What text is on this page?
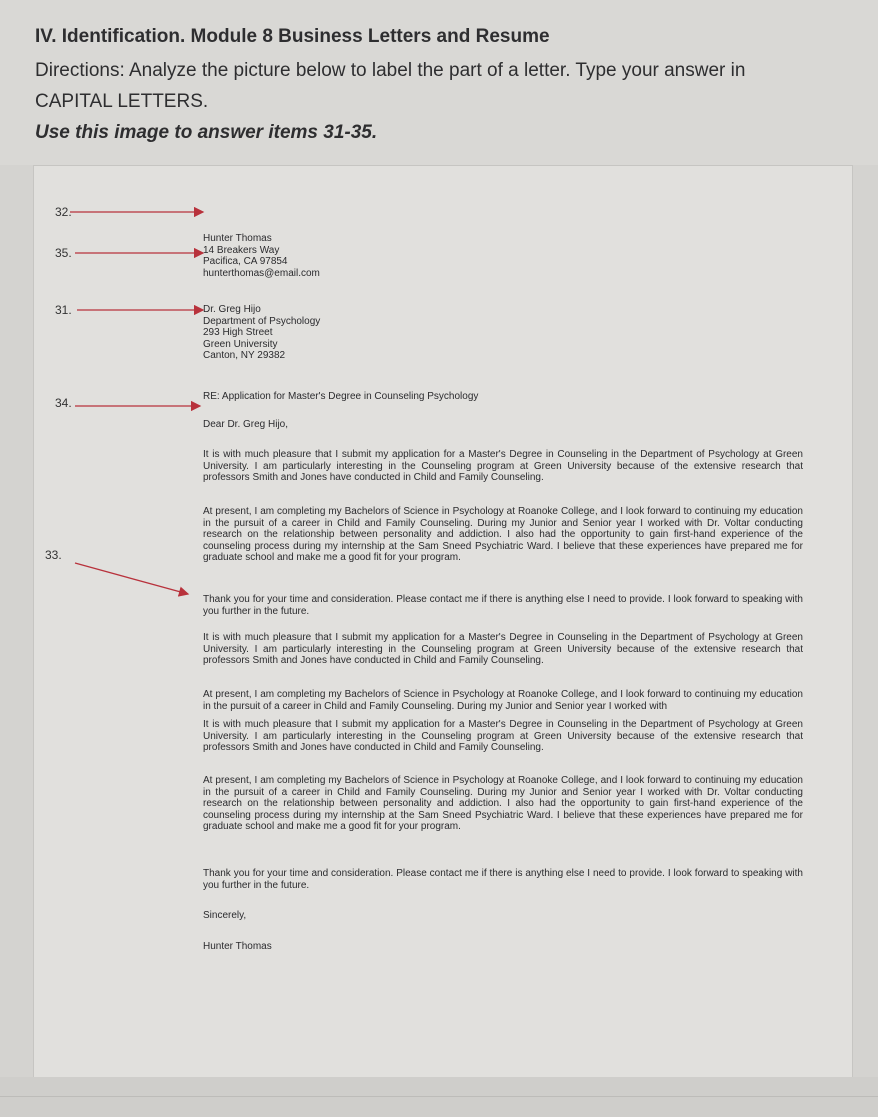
IV. Identification. Module 8 Business Letters and Resume
Directions: Analyze the picture below to label the part of a letter. Type your answer in
CAPITAL LETTERS.
Use this image to answer items 31-35.
32.
35.
31.
34.
33.
Hunter Thomas
14 Breakers Way
Pacifica, CA 97854
hunterthomas@email.com
Dr. Greg Hijo
Department of Psychology
293 High Street
Green University
Canton, NY 29382
RE: Application for Master's Degree in Counseling Psychology
Dear Dr. Greg Hijo,
It is with much pleasure that I submit my application for a Master's Degree in Counseling in the Department of Psychology at Green University. I am particularly interesting in the Counseling program at Green University because of the extensive research that professors Smith and Jones have conducted in Child and Family Counseling.
At present, I am completing my Bachelors of Science in Psychology at Roanoke College, and I look forward to continuing my education in the pursuit of a career in Child and Family Counseling. During my Junior and Senior year I worked with Dr. Voltar conducting research on the relationship between personality and addiction. I also had the opportunity to gain first-hand experience of the counseling process during my internship at the Sam Sneed Psychiatric Ward. I believe that these experiences have prepared me for graduate school and make me a good fit for your program.
Thank you for your time and consideration. Please contact me if there is anything else I need to provide. I look forward to speaking with you further in the future.
It is with much pleasure that I submit my application for a Master's Degree in Counseling in the Department of Psychology at Green University. I am particularly interesting in the Counseling program at Green University because of the extensive research that professors Smith and Jones have conducted in Child and Family Counseling.
At present, I am completing my Bachelors of Science in Psychology at Roanoke College, and I look forward to continuing my education in the pursuit of a career in Child and Family Counseling. During my Junior and Senior year I worked with
It is with much pleasure that I submit my application for a Master's Degree in Counseling in the Department of Psychology at Green University. I am particularly interesting in the Counseling program at Green University because of the extensive research that professors Smith and Jones have conducted in Child and Family Counseling.
At present, I am completing my Bachelors of Science in Psychology at Roanoke College, and I look forward to continuing my education in the pursuit of a career in Child and Family Counseling. During my Junior and Senior year I worked with Dr. Voltar conducting research on the relationship between personality and addiction. I also had the opportunity to gain first-hand experience of the counseling process during my internship at the Sam Sneed Psychiatric Ward. I believe that these experiences have prepared me for graduate school and make me a good fit for your program.
Thank you for your time and consideration. Please contact me if there is anything else I need to provide. I look forward to speaking with you further in the future.
Sincerely,
Hunter Thomas
